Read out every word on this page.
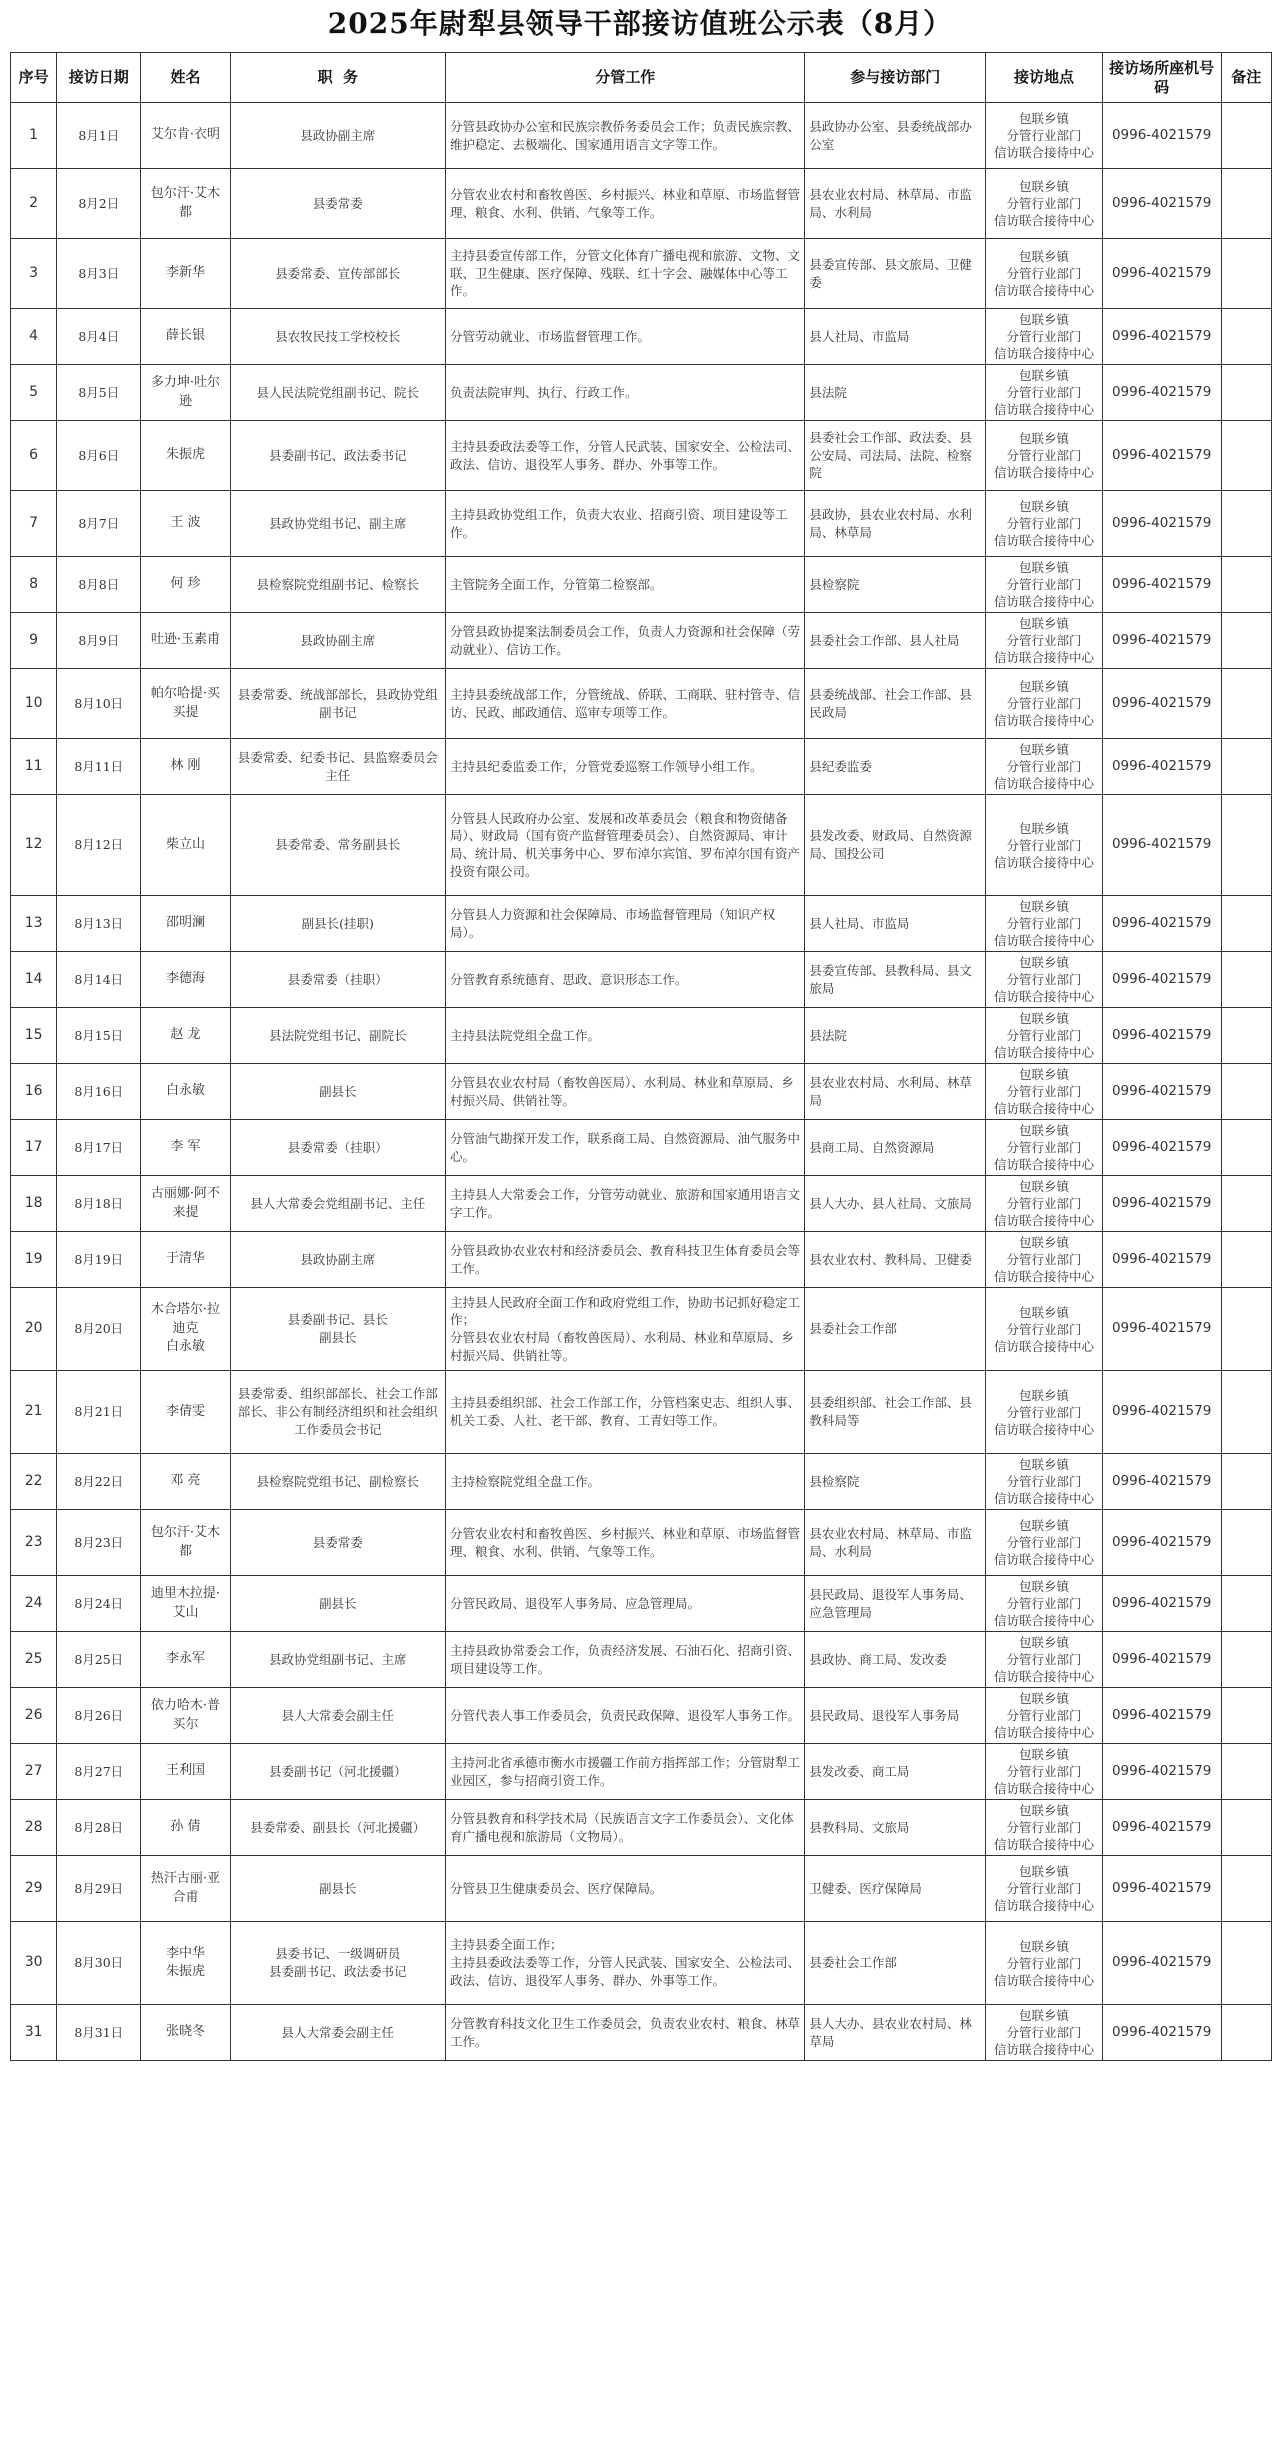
2025年尉犁县领导干部接访值班公示表（8月）
序号	接访日期	姓名	职  务	分管工作	参与接访部门	接访地点	接访场所座机号码	备注
1	8月1日	艾尔肯·衣明	县政协副主席	分管县政协办公室和民族宗教侨务委员会工作；负责民族宗教、维护稳定、去极端化、国家通用语言文字等工作。	县政协办公室、县委统战部办公室	包联乡镇
分管行业部门
信访联合接待中心	0996-4021579	
2	8月2日	包尔汗·艾木都	县委常委	分管农业农村和畜牧兽医、乡村振兴、林业和草原、市场监督管理、粮食、水利、供销、气象等工作。	县农业农村局、林草局、市监局、水利局	包联乡镇
分管行业部门
信访联合接待中心	0996-4021579	
3	8月3日	李新华	县委常委、宣传部部长	主持县委宣传部工作，分管文化体育广播电视和旅游、文物、文联、卫生健康、医疗保障、残联、红十字会、融媒体中心等工作。	县委宣传部、县文旅局、卫健委	包联乡镇
分管行业部门
信访联合接待中心	0996-4021579	
4	8月4日	薛长银	县农牧民技工学校校长	分管劳动就业、市场监督管理工作。	县人社局、市监局	包联乡镇
分管行业部门
信访联合接待中心	0996-4021579	
5	8月5日	多力坤·吐尔逊	县人民法院党组副书记、院长	负责法院审判、执行、行政工作。	县法院	包联乡镇
分管行业部门
信访联合接待中心	0996-4021579	
6	8月6日	朱振虎	县委副书记、政法委书记	主持县委政法委等工作，分管人民武装、国家安全、公检法司、政法、信访、退役军人事务、群办、外事等工作。	县委社会工作部、政法委、县公安局、司法局、法院、检察院	包联乡镇
分管行业部门
信访联合接待中心	0996-4021579	
7	8月7日	王 波	县政协党组书记、副主席	主持县政协党组工作，负责大农业、招商引资、项目建设等工作。	县政协，县农业农村局、水利局、林草局	包联乡镇
分管行业部门
信访联合接待中心	0996-4021579	
8	8月8日	何 珍	县检察院党组副书记、检察长	主管院务全面工作，分管第二检察部。	县检察院	包联乡镇
分管行业部门
信访联合接待中心	0996-4021579	
9	8月9日	吐逊·玉素甫	县政协副主席	分管县政协提案法制委员会工作，负责人力资源和社会保障（劳动就业）、信访工作。	县委社会工作部、县人社局	包联乡镇
分管行业部门
信访联合接待中心	0996-4021579	
10	8月10日	帕尔哈提·买买提	县委常委、统战部部长，县政协党组副书记	主持县委统战部工作，分管统战、侨联、工商联、驻村管寺、信访、民政、邮政通信、巡审专项等工作。	县委统战部、社会工作部、县民政局	包联乡镇
分管行业部门
信访联合接待中心	0996-4021579	
11	8月11日	林 刚	县委常委、纪委书记、县监察委员会主任	主持县纪委监委工作，分管党委巡察工作领导小组工作。	县纪委监委	包联乡镇
分管行业部门
信访联合接待中心	0996-4021579	
12	8月12日	柴立山	县委常委、常务副县长	分管县人民政府办公室、发展和改革委员会（粮食和物资储备局）、财政局（国有资产监督管理委员会）、自然资源局、审计局、统计局、机关事务中心、罗布淖尔宾馆、罗布淖尔国有资产投资有限公司。	县发改委、财政局、自然资源局、国投公司	包联乡镇
分管行业部门
信访联合接待中心	0996-4021579	
13	8月13日	邵明澜	副县长(挂职)	分管县人力资源和社会保障局、市场监督管理局（知识产权局）。	县人社局、市监局	包联乡镇
分管行业部门
信访联合接待中心	0996-4021579	
14	8月14日	李德海	县委常委（挂职）	分管教育系统德育、思政、意识形态工作。	县委宣传部、县教科局、县文旅局	包联乡镇
分管行业部门
信访联合接待中心	0996-4021579	
15	8月15日	赵 龙	县法院党组书记、副院长	主持县法院党组全盘工作。	县法院	包联乡镇
分管行业部门
信访联合接待中心	0996-4021579	
16	8月16日	白永敏	副县长	分管县农业农村局（畜牧兽医局）、水利局、林业和草原局、乡村振兴局、供销社等。	县农业农村局、水利局、林草局	包联乡镇
分管行业部门
信访联合接待中心	0996-4021579	
17	8月17日	李 军	县委常委（挂职）	分管油气勘探开发工作，联系商工局、自然资源局、油气服务中心。	县商工局、自然资源局	包联乡镇
分管行业部门
信访联合接待中心	0996-4021579	
18	8月18日	古丽娜·阿不来提	县人大常委会党组副书记、主任	主持县人大常委会工作，分管劳动就业、旅游和国家通用语言文字工作。	县人大办、县人社局、文旅局	包联乡镇
分管行业部门
信访联合接待中心	0996-4021579	
19	8月19日	于清华	县政协副主席	分管县政协农业农村和经济委员会、教育科技卫生体育委员会等工作。	县农业农村、教科局、卫健委	包联乡镇
分管行业部门
信访联合接待中心	0996-4021579	
20	8月20日	木合塔尔·拉迪克
白永敏	县委副书记、县长
副县长	主持县人民政府全面工作和政府党组工作，协助书记抓好稳定工作；
分管县农业农村局（畜牧兽医局）、水利局、林业和草原局、乡村振兴局、供销社等。	县委社会工作部	包联乡镇
分管行业部门
信访联合接待中心	0996-4021579	
21	8月21日	李倩雯	县委常委、组织部部长、社会工作部部长、非公有制经济组织和社会组织工作委员会书记	主持县委组织部、社会工作部工作，分管档案史志、组织人事、机关工委、人社、老干部、教育、工青妇等工作。	县委组织部、社会工作部、县教科局等	包联乡镇
分管行业部门
信访联合接待中心	0996-4021579	
22	8月22日	邓 亮	县检察院党组书记、副检察长	主持检察院党组全盘工作。	县检察院	包联乡镇
分管行业部门
信访联合接待中心	0996-4021579	
23	8月23日	包尔汗·艾木都	县委常委	分管农业农村和畜牧兽医、乡村振兴、林业和草原、市场监督管理、粮食、水利、供销、气象等工作。	县农业农村局、林草局、市监局、水利局	包联乡镇
分管行业部门
信访联合接待中心	0996-4021579	
24	8月24日	迪里木拉提·艾山	副县长	分管民政局、退役军人事务局、应急管理局。	县民政局、退役军人事务局、应急管理局	包联乡镇
分管行业部门
信访联合接待中心	0996-4021579	
25	8月25日	李永军	县政协党组副书记、主席	主持县政协常委会工作，负责经济发展、石油石化、招商引资、项目建设等工作。	县政协、商工局、发改委	包联乡镇
分管行业部门
信访联合接待中心	0996-4021579	
26	8月26日	依力哈木·普买尔	县人大常委会副主任	分管代表人事工作委员会，负责民政保障、退役军人事务工作。	县民政局、退役军人事务局	包联乡镇
分管行业部门
信访联合接待中心	0996-4021579	
27	8月27日	王利国	县委副书记（河北援疆）	主持河北省承德市衡水市援疆工作前方指挥部工作；分管尉犁工业园区，参与招商引资工作。	县发改委、商工局	包联乡镇
分管行业部门
信访联合接待中心	0996-4021579	
28	8月28日	孙 倩	县委常委、副县长（河北援疆）	分管县教育和科学技术局（民族语言文字工作委员会）、文化体育广播电视和旅游局（文物局）。	县教科局、文旅局	包联乡镇
分管行业部门
信访联合接待中心	0996-4021579	
29	8月29日	热汗古丽·亚合甫	副县长	分管县卫生健康委员会、医疗保障局。	卫健委、医疗保障局	包联乡镇
分管行业部门
信访联合接待中心	0996-4021579	
30	8月30日	李中华
朱振虎	县委书记、一级调研员
县委副书记、政法委书记	主持县委全面工作；
主持县委政法委等工作，分管人民武装、国家安全、公检法司、政法、信访、退役军人事务、群办、外事等工作。	县委社会工作部	包联乡镇
分管行业部门
信访联合接待中心	0996-4021579	
31	8月31日	张晓冬	县人大常委会副主任	分管教育科技文化卫生工作委员会，负责农业农村、粮食、林草工作。	县人大办、县农业农村局、林草局	包联乡镇
分管行业部门
信访联合接待中心	0996-4021579	
